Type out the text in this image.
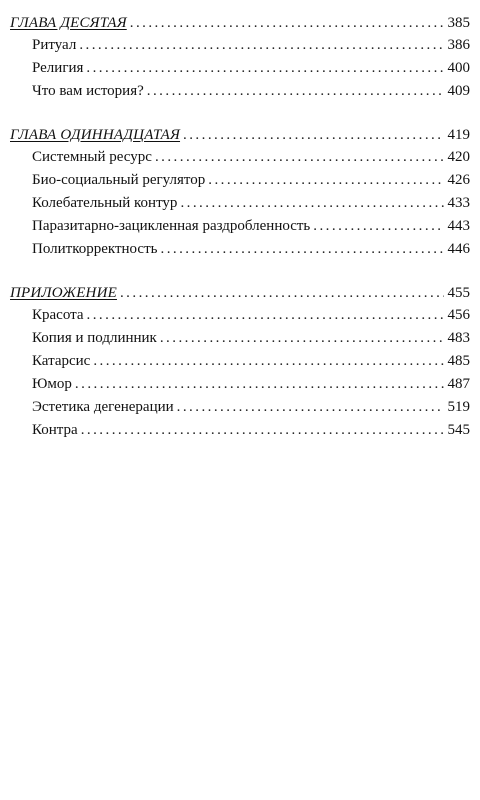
ГЛАВА ДЕСЯТАЯ . . .	385
Ритуал . . .	386
Религия . . .	400
Что вам история? . . .	409
ГЛАВА ОДИННАДЦАТАЯ . . .	419
Системный ресурс . . .	420
Био-социальный регулятор . . .	426
Колебательный контур . . .	433
Паразитарно-зацикленная раздробленность . . .	443
Политкорректность . . .	446
ПРИЛОЖЕНИЕ . . .	455
Красота . . .	456
Копия и подлинник . . .	483
Катарсис . . .	485
Юмор . . .	487
Эстетика дегенерации . . .	519
Контра . . .	545
